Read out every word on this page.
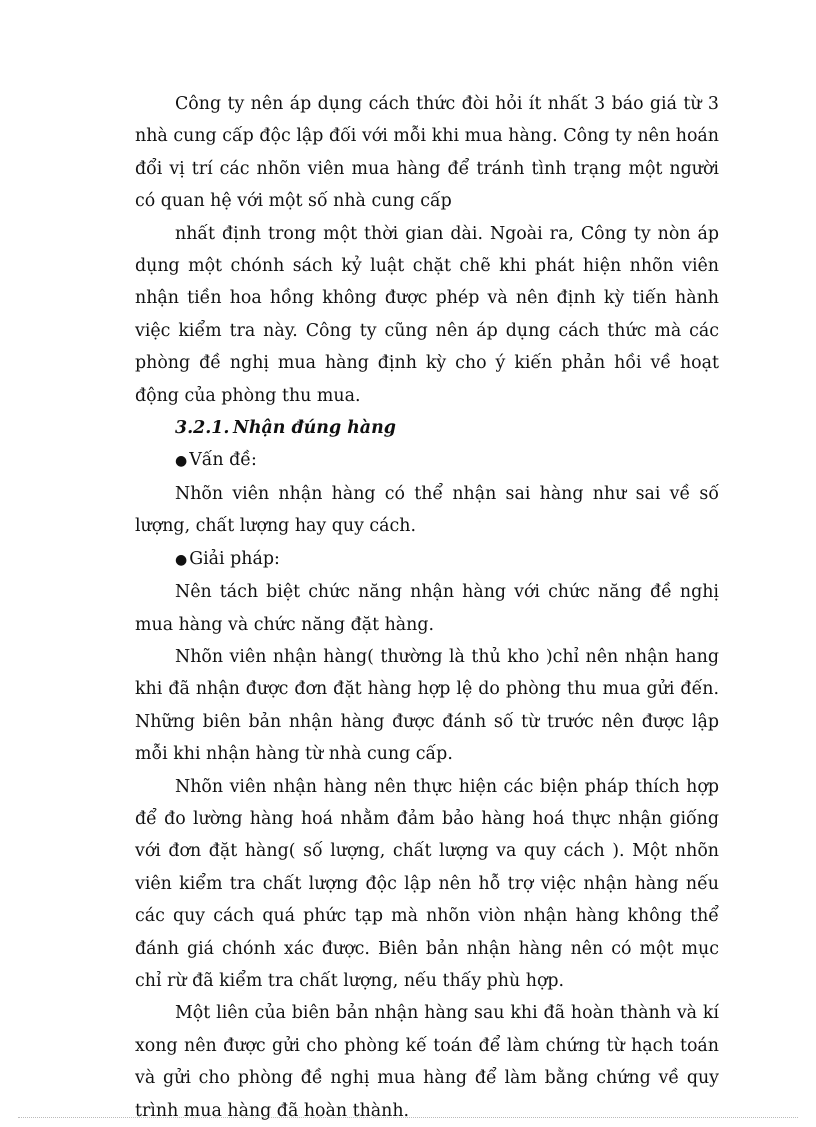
Công ty nên áp dụng cách thức đòi hỏi ít nhất 3 báo giá từ 3 nhà cung cấp độc lập đối với mỗi khi mua hàng. Công ty nên hoán đổi vị trí các nhõn viên mua hàng để tránh tình trạng một người có quan hệ với một số nhà cung cấp

nhất định trong một thời gian dài. Ngoài ra, Công ty nòn áp dụng một chónh sách kỷ luật chặt chẽ khi phát hiện nhõn viên nhận tiền hoa hồng không được phép và nên định kỳ tiến hành việc kiểm tra này. Công ty cũng nên áp dụng cách thức mà các phòng đề nghị mua hàng định kỳ cho ý kiến phản hồi về hoạt động của phòng thu mua.

3.2.1. Nhận đúng hàng

● Vấn đề:

Nhõn viên nhận hàng có thể nhận sai hàng như sai về số lượng, chất lượng hay quy cách.

● Giải pháp:

Nên tách biệt chức năng nhận hàng với chức năng đề nghị mua hàng và chức năng đặt hàng.

Nhõn viên nhận hàng( thường là thủ kho )chỉ nên nhận hang khi đã nhận được đơn đặt hàng hợp lệ do phòng thu mua gửi đến. Những biên bản nhận hàng được đánh số từ trước nên được lập mỗi khi nhận hàng từ nhà cung cấp.

Nhõn viên nhận hàng nên thực hiện các biện pháp thích hợp để đo lường hàng hoá nhằm đảm bảo hàng hoá thực nhận giống với đơn đặt hàng( số lượng, chất lượng va quy cách ). Một nhõn viên kiểm tra chất lượng độc lập nên hỗ trợ việc nhận hàng nếu các quy cách quá phức tạp mà nhõn viòn nhận hàng không thể đánh giá chónh xác được. Biên bản nhận hàng nên có một mục chỉ rừ đã kiểm tra chất lượng, nếu thấy phù hợp.

Một liên của biên bản nhận hàng sau khi đã hoàn thành và kí xong nên được gửi cho phòng kế toán để làm chứng từ hạch toán và gửi cho phòng đề nghị mua hàng để làm bằng chứng về quy trình mua hàng đã hoàn thành.
